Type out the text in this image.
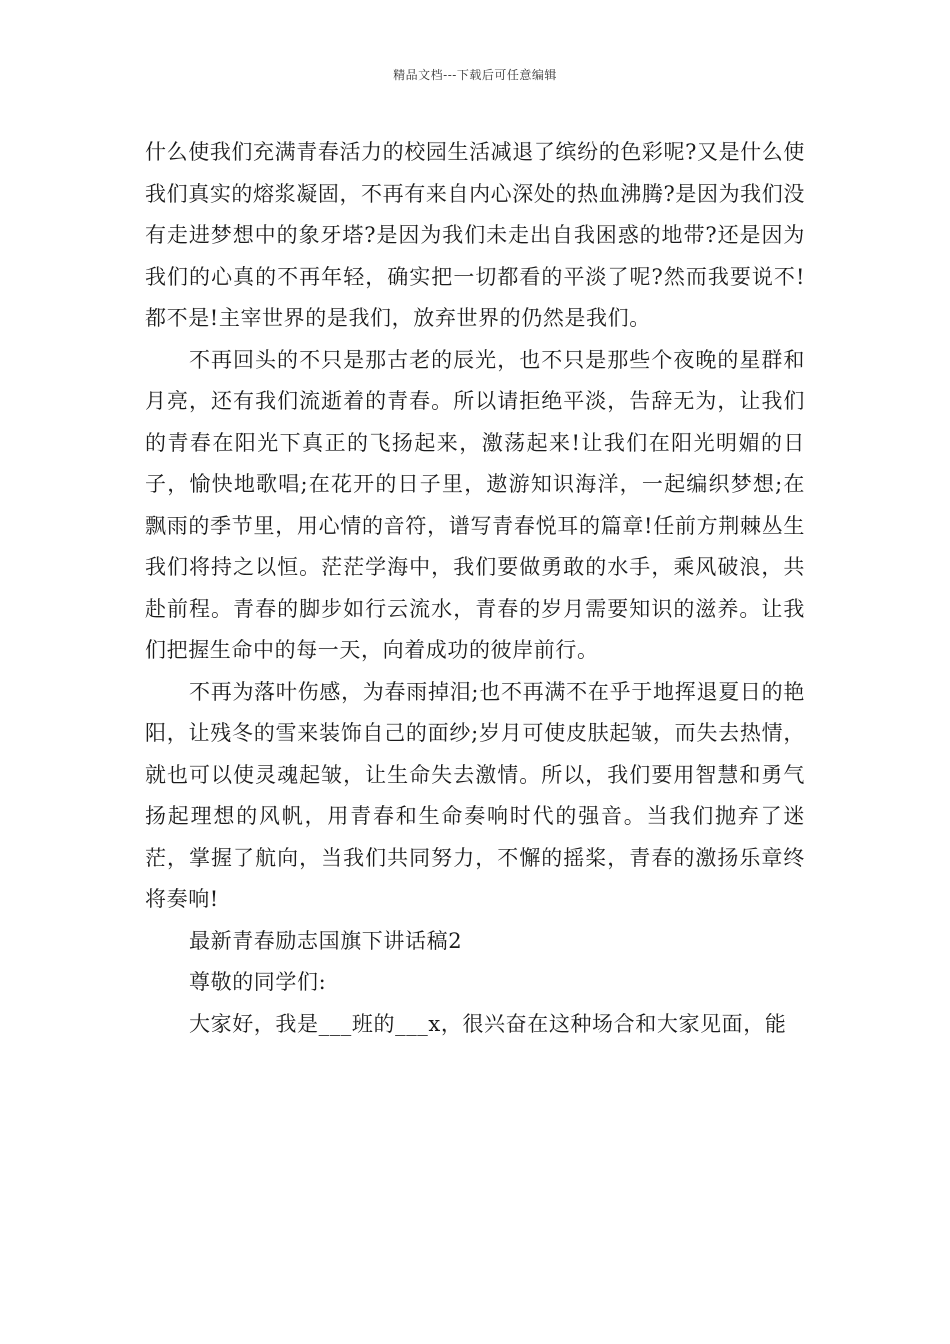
精品文档---下载后可任意编辑

什么使我们充满青春活力的校园生活减退了缤纷的色彩呢?又是什么使我们真实的熔浆凝固，不再有来自内心深处的热血沸腾?是因为我们没有走进梦想中的象牙塔?是因为我们未走出自我困惑的地带?还是因为我们的心真的不再年轻，确实把一切都看的平淡了呢?然而我要说不!都不是!主宰世界的是我们，放弃世界的仍然是我们。

不再回头的不只是那古老的辰光，也不只是那些个夜晚的星群和月亮，还有我们流逝着的青春。所以请拒绝平淡，告辞无为，让我们的青春在阳光下真正的飞扬起来，激荡起来!让我们在阳光明媚的日子，愉快地歌唱;在花开的日子里，遨游知识海洋，一起编织梦想;在飘雨的季节里，用心情的音符，谱写青春悦耳的篇章!任前方荆棘丛生我们将持之以恒。茫茫学海中，我们要做勇敢的水手，乘风破浪，共赴前程。青春的脚步如行云流水，青春的岁月需要知识的滋养。让我们把握生命中的每一天，向着成功的彼岸前行。

不再为落叶伤感，为春雨掉泪;也不再满不在乎于地挥退夏日的艳阳，让残冬的雪来装饰自己的面纱;岁月可使皮肤起皱，而失去热情，就也可以使灵魂起皱，让生命失去激情。所以，我们要用智慧和勇气扬起理想的风帆，用青春和生命奏响时代的强音。当我们抛弃了迷茫，掌握了航向，当我们共同努力，不懈的摇桨，青春的激扬乐章终将奏响!

最新青春励志国旗下讲话稿2

尊敬的同学们:

大家好，我是___班的___x，很兴奋在这种场合和大家见面，能
